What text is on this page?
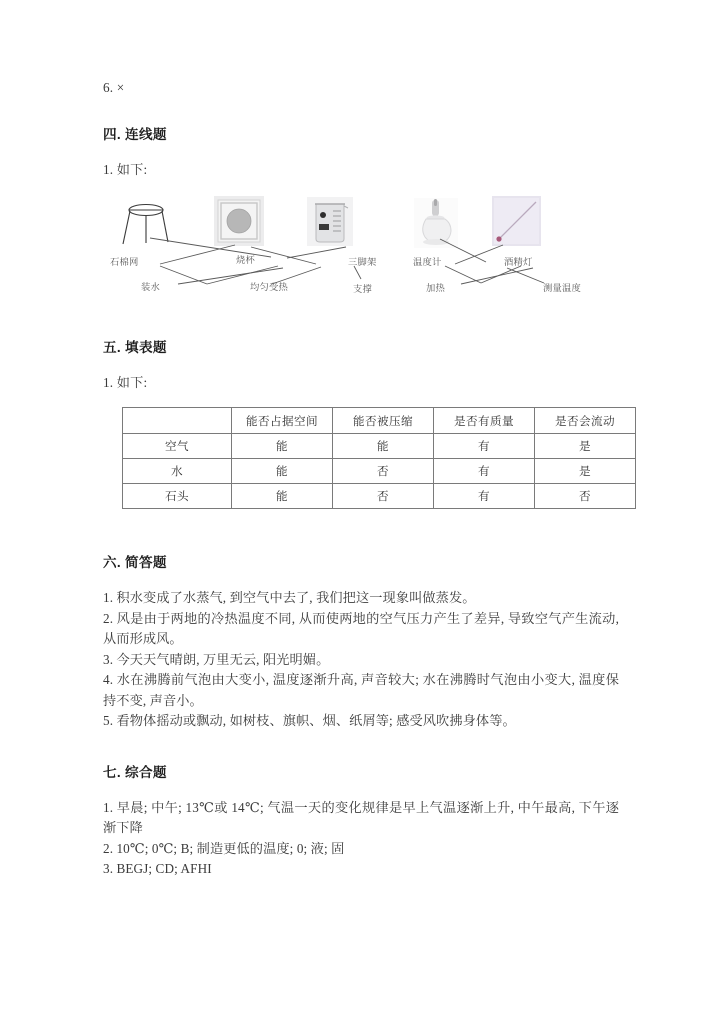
6. ×
四. 连线题
1. 如下:
石棉网	烧杯	三脚架
装水	均匀受热	支撑
温度计	酒精灯
加热	测量温度
五. 填表题
1. 如下:
	能否占据空间	能否被压缩	是否有质量	是否会流动
空气	能	能	有	是
水	能	否	有	是
石头	能	否	有	否
六. 简答题
1. 积水变成了水蒸气, 到空气中去了, 我们把这一现象叫做蒸发。
2. 风是由于两地的冷热温度不同, 从而使两地的空气压力产生了差异, 导致空气产生流动, 从而形成风。
3. 今天天气晴朗, 万里无云, 阳光明媚。
4. 水在沸腾前气泡由大变小, 温度逐渐升高, 声音较大; 水在沸腾时气泡由小变大, 温度保持不变, 声音小。
5. 看物体摇动或飘动, 如树枝、旗帜、烟、纸屑等; 感受风吹拂身体等。
七. 综合题
1. 早晨; 中午; 13℃或 14℃; 气温一天的变化规律是早上气温逐渐上升, 中午最高, 下午逐渐下降
2. 10℃; 0℃; B; 制造更低的温度; 0; 液; 固
3. BEGJ; CD; AFHI
